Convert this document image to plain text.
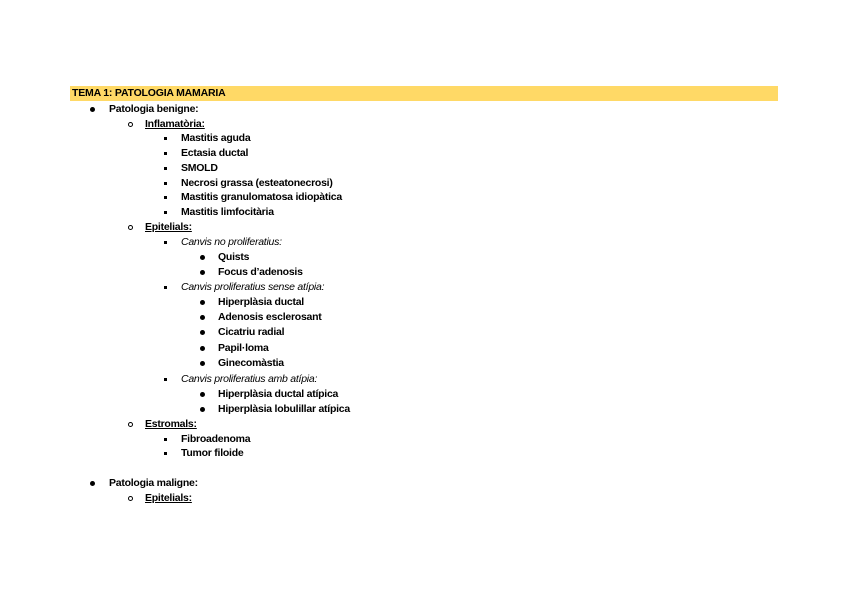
TEMA 1: PATOLOGIA MAMARIA
Patologia benigne:
Inflamatòria:
Mastitis aguda
Ectasia ductal
SMOLD
Necrosi grassa (esteatonecrosi)
Mastitis granulomatosa idiopàtica
Mastitis limfocitària
Epitelials:
Canvis no proliferatius:
Quists
Focus d’adenosis
Canvis proliferatius sense atípia:
Hiperplàsia ductal
Adenosis esclerosant
Cicatriu radial
Papil·loma
Ginecomàstia
Canvis proliferatius amb atípia:
Hiperplàsia ductal atípica
Hiperplàsia lobulillar atípica
Estromals:
Fibroadenoma
Tumor filoide
Patologia maligne:
Epitelials:
